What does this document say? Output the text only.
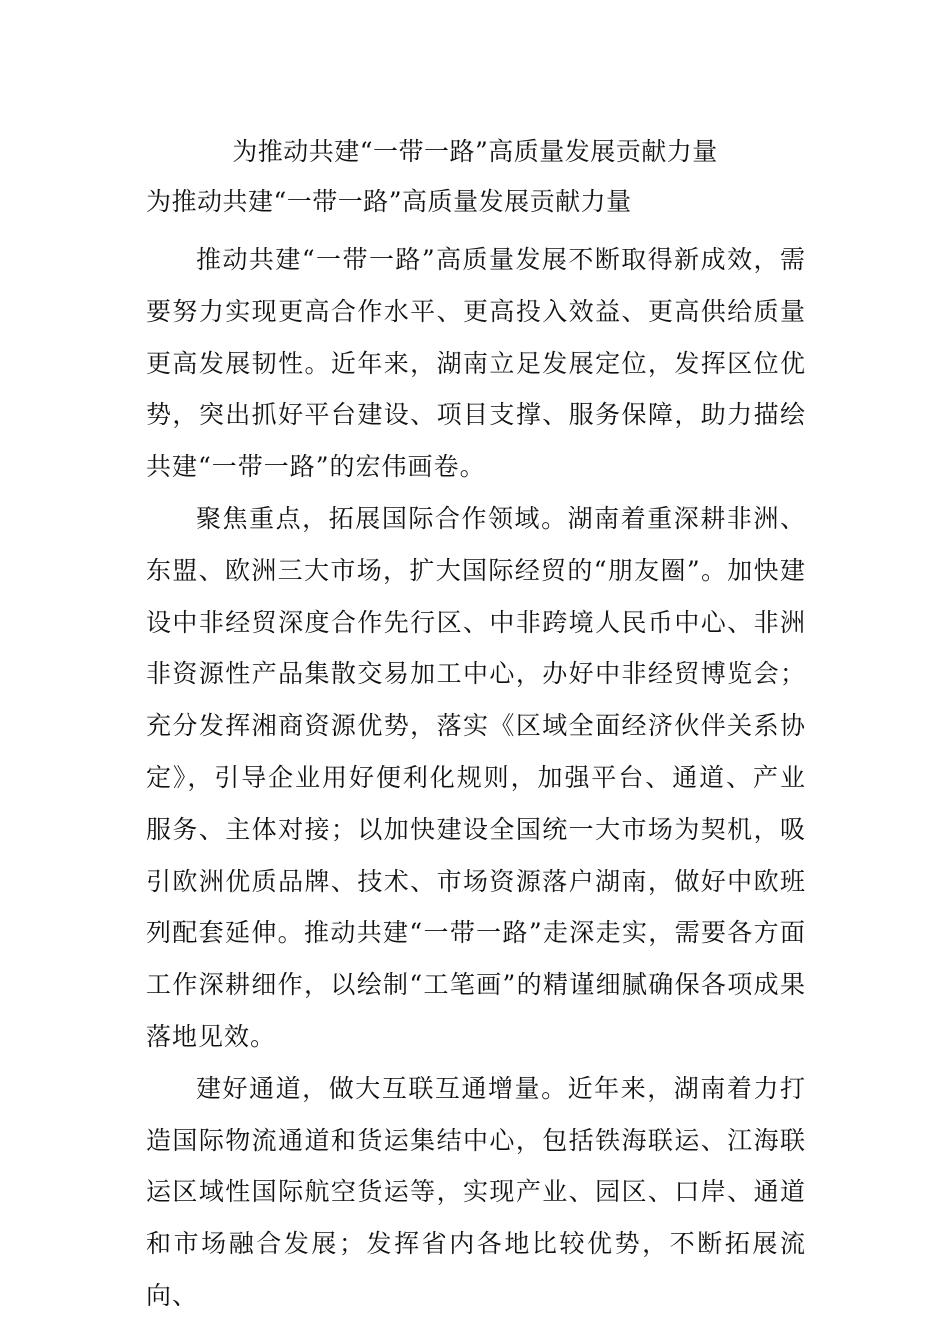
为推动共建“一带一路”高质量发展贡献力量
为推动共建“一带一路”高质量发展贡献力量

推动共建“一带一路”高质量发展不断取得新成效，需要努力实现更高合作水平、更高投入效益、更高供给质量更高发展韧性。近年来，湖南立足发展定位，发挥区位优势，突出抓好平台建设、项目支撑、服务保障，助力描绘共建“一带一路”的宏伟画卷。

聚焦重点，拓展国际合作领域。湖南着重深耕非洲、东盟、欧洲三大市场，扩大国际经贸的“朋友圈”。加快建设中非经贸深度合作先行区、中非跨境人民币中心、非洲非资源性产品集散交易加工中心，办好中非经贸博览会；充分发挥湘商资源优势，落实《区域全面经济伙伴关系协定》，引导企业用好便利化规则，加强平台、通道、产业服务、主体对接；以加快建设全国统一大市场为契机，吸引欧洲优质品牌、技术、市场资源落户湖南，做好中欧班列配套延伸。推动共建“一带一路”走深走实，需要各方面工作深耕细作，以绘制“工笔画”的精谨细腻确保各项成果落地见效。

建好通道，做大互联互通增量。近年来，湖南着力打造国际物流通道和货运集结中心，包括铁海联运、江海联运区域性国际航空货运等，实现产业、园区、口岸、通道和市场融合发展；发挥省内各地比较优势，不断拓展流向、
